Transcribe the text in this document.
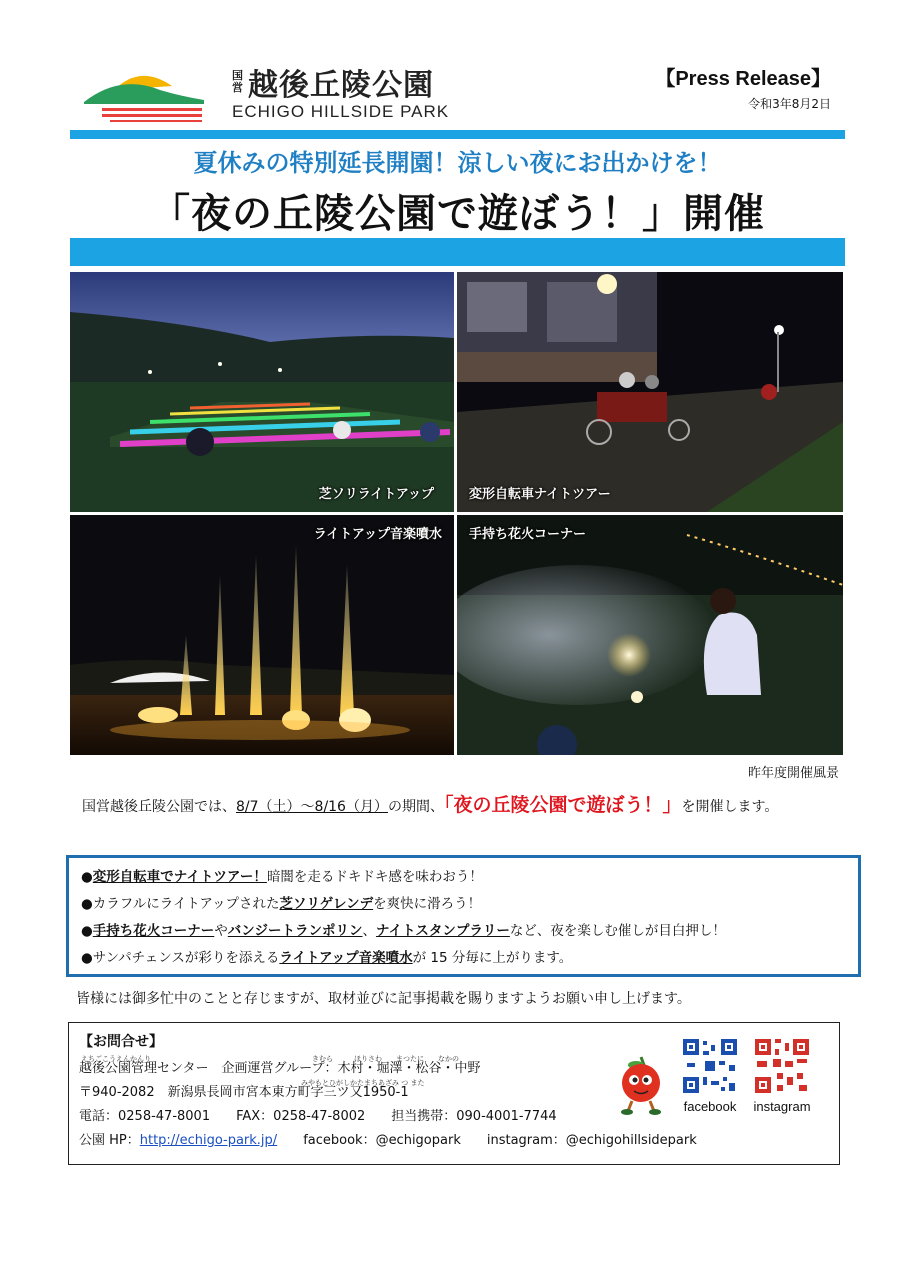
国営 越後丘陵公園
ECHIGO HILLSIDE PARK
【Press Release】
令和3年8月2日
夏休みの特別延長開園！涼しい夜にお出かけを！
「夜の丘陵公園で遊ぼう！」開催
芝ソリライトアップ	変形自転車ナイトツアー
ライトアップ音楽噴水 手持ち花火コーナー
昨年度開催風景
　国営越後丘陵公園では、8/7（土）～8/16（月）の期間、「夜の丘陵公園で遊ぼう！」を開催します。
●変形自転車でナイトツアー！暗闇を走るドキドキ感を味わおう！
●カラフルにライトアップされた芝ソリゲレンデを爽快に滑ろう！
●手持ち花火コーナーやバンジートランポリン、ナイトスタンプラリーなど、夜を楽しむ催しが目白押し！
●サンパチェンスが彩りを添えるライトアップ音楽噴水が 15 分毎に上がります。
皆様には御多忙中のことと存じますが、取材並びに記事掲載を賜りますようお願い申し上げます。
【お問合せ】
えちごこうえんかんり　　　　　　　　　　　　　　　　　　　　　　　きむら　　　ほりさわ　　まつたに　　なかの
越後公園管理センター　企画運営グループ：木村・堀澤・松谷・中野
みやもとひがしかたまちあざみ つ また
〒940-2082　新潟県長岡市宮本東方町字三ツ又1950-1
電話：0258-47-8001　　FAX：0258-47-8002　　担当携帯：090-4001-7744
公園 HP：http://echigo-park.jp/　　facebook：@echigopark　　instagram：@echigohillsidepark
facebook	instagram
